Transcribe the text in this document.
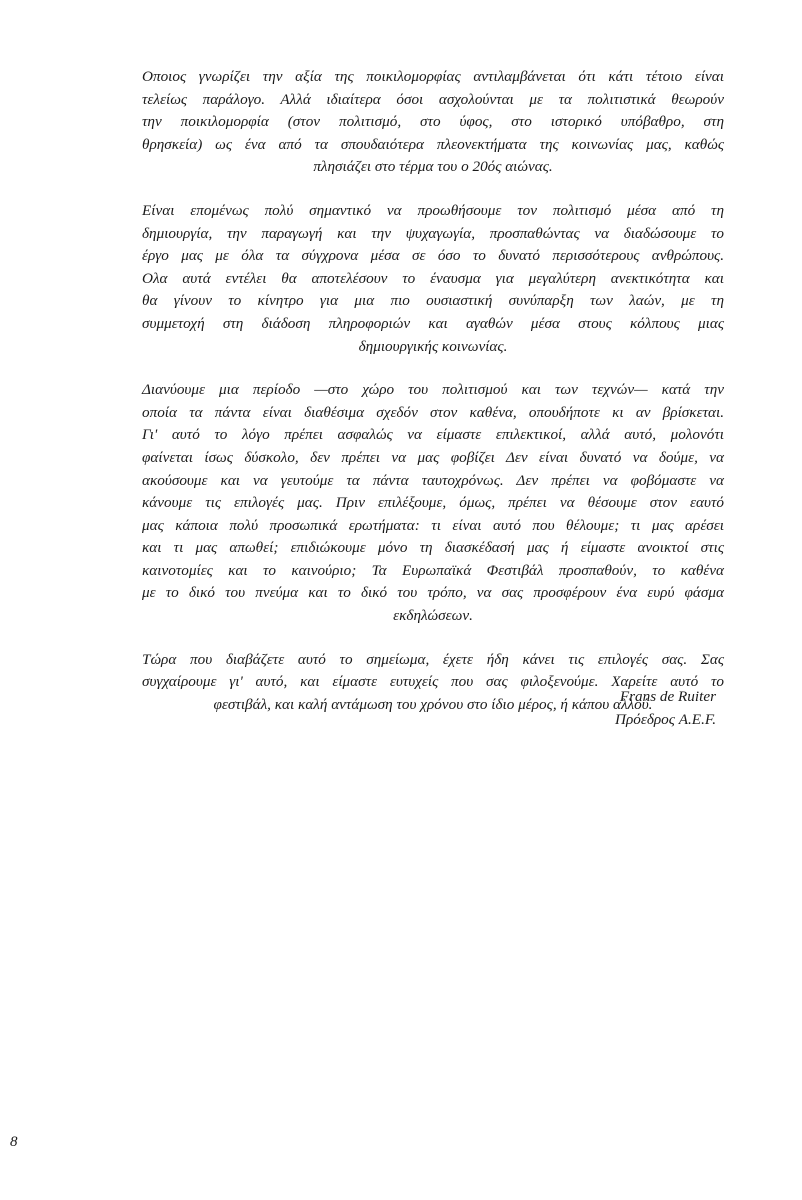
Οποιος γνωρίζει την αξία της ποικιλομορφίας αντιλαμβάνεται ότι κάτι τέτοιο είναι
τελείως παράλογο. Αλλά ιδιαίτερα όσοι ασχολούνται με τα πολιτιστικά θεωρούν
την ποικιλομορφία (στον πολιτισμό, στο ύφος, στο ιστορικό υπόβαθρο, στη
θρησκεία) ως ένα από τα σπουδαιότερα πλεονεκτήματα της κοινωνίας μας, καθώς
πλησιάζει στο τέρμα του ο 20ός αιώνας.

Είναι επομένως πολύ σημαντικό να προωθήσουμε τον πολιτισμό μέσα από τη
δημιουργία, την παραγωγή και την ψυχαγωγία, προσπαθώντας να διαδώσουμε το
έργο μας με όλα τα σύγχρονα μέσα σε όσο το δυνατό περισσότερους ανθρώπους.
Ολα αυτά εντέλει θα αποτελέσουν το έναυσμα για μεγαλύτερη ανεκτικότητα και
θα γίνουν το κίνητρο για μια πιο ουσιαστική συνύπαρξη των λαών, με τη
συμμετοχή στη διάδοση πληροφοριών και αγαθών μέσα στους κόλπους μιας
δημιουργικής κοινωνίας.

Διανύουμε μια περίοδο —στο χώρο του πολιτισμού και των τεχνών— κατά την
οποία τα πάντα είναι διαθέσιμα σχεδόν στον καθένα, οπουδήποτε κι αν βρίσκεται.
Γι' αυτό το λόγο πρέπει ασφαλώς να είμαστε επιλεκτικοί, αλλά αυτό, μολονότι
φαίνεται ίσως δύσκολο, δεν πρέπει να μας φοβίζει Δεν είναι δυνατό να δούμε, να
ακούσουμε και να γευτούμε τα πάντα ταυτοχρόνως. Δεν πρέπει να φοβόμαστε να
κάνουμε τις επιλογές μας. Πριν επιλέξουμε, όμως, πρέπει να θέσουμε στον εαυτό
μας κάποια πολύ προσωπικά ερωτήματα: τι είναι αυτό που θέλουμε; τι μας αρέσει
και τι μας απωθεί; επιδιώκουμε μόνο τη διασκέδασή μας ή είμαστε ανοικτοί στις
καινοτομίες και το καινούριο; Τα Ευρωπαϊκά Φεστιβάλ προσπαθούν, το καθένα
με το δικό του πνεύμα και το δικό του τρόπο, να σας προσφέρουν ένα ευρύ φάσμα
εκδηλώσεων.

Τώρα που διαβάζετε αυτό το σημείωμα, έχετε ήδη κάνει τις επιλογές σας. Σας
συγχαίρουμε γι' αυτό, και είμαστε ευτυχείς που σας φιλοξενούμε. Χαρείτε αυτό το
φεστιβάλ, και καλή αντάμωση του χρόνου στο ίδιο μέρος, ή κάπου αλλού.

Frans de Ruiter
Πρόεδρος A.E.F.
8
